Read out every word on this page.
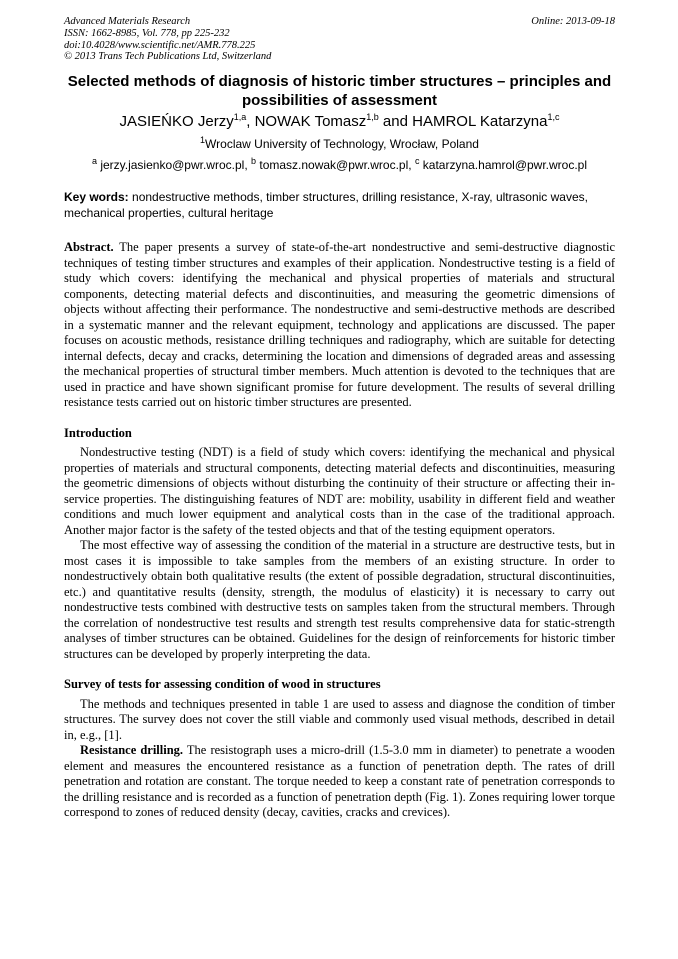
Advanced Materials Research
ISSN: 1662-8985, Vol. 778, pp 225-232
doi:10.4028/www.scientific.net/AMR.778.225
© 2013 Trans Tech Publications Ltd, Switzerland
Online: 2013-09-18
Selected methods of diagnosis of historic timber structures – principles and possibilities of assessment
JASIEŃKO Jerzy$^{1,a}$, NOWAK Tomasz$^{1,b}$ and HAMROL Katarzyna$^{1,c}$
$^1$Wroclaw University of Technology, Wrocław, Poland
$^a$ jerzy.jasienko@pwr.wroc.pl, $^b$ tomasz.nowak@pwr.wroc.pl, $^c$ katarzyna.hamrol@pwr.wroc.pl
Key words: nondestructive methods, timber structures, drilling resistance, X-ray, ultrasonic waves, mechanical properties, cultural heritage
Abstract. The paper presents a survey of state-of-the-art nondestructive and semi-destructive diagnostic techniques of testing timber structures and examples of their application. Nondestructive testing is a field of study which covers: identifying the mechanical and physical properties of materials and structural components, detecting material defects and discontinuities, and measuring the geometric dimensions of objects without affecting their performance. The nondestructive and semi-destructive methods are described in a systematic manner and the relevant equipment, technology and applications are discussed. The paper focuses on acoustic methods, resistance drilling techniques and radiography, which are suitable for detecting internal defects, decay and cracks, determining the location and dimensions of degraded areas and assessing the mechanical properties of structural timber members. Much attention is devoted to the techniques that are used in practice and have shown significant promise for future development. The results of several drilling resistance tests carried out on historic timber structures are presented.
Introduction

Nondestructive testing (NDT) is a field of study which covers: identifying the mechanical and physical properties of materials and structural components, detecting material defects and discontinuities, measuring the geometric dimensions of objects without disturbing the continuity of their structure or affecting their in-service properties. The distinguishing features of NDT are: mobility, usability in different field and weather conditions and much lower equipment and analytical costs than in the case of the traditional approach. Another major factor is the safety of the tested objects and that of the testing equipment operators.

The most effective way of assessing the condition of the material in a structure are destructive tests, but in most cases it is impossible to take samples from the members of an existing structure. In order to nondestructively obtain both qualitative results (the extent of possible degradation, structural discontinuities, etc.) and quantitative results (density, strength, the modulus of elasticity) it is necessary to carry out nondestructive tests combined with destructive tests on samples taken from the structural members. Through the correlation of nondestructive test results and strength test results comprehensive data for static-strength analyses of timber structures can be obtained. Guidelines for the design of reinforcements for historic timber structures can be developed by properly interpreting the data.

Survey of tests for assessing condition of wood in structures

The methods and techniques presented in table 1 are used to assess and diagnose the condition of timber structures. The survey does not cover the still viable and commonly used visual methods, described in detail in, e.g., [1].

Resistance drilling. The resistograph uses a micro-drill (1.5-3.0 mm in diameter) to penetrate a wooden element and measures the encountered resistance as a function of penetration depth. The rates of drill penetration and rotation are constant. The torque needed to keep a constant rate of penetration corresponds to the drilling resistance and is recorded as a function of penetration depth (Fig. 1). Zones requiring lower torque correspond to zones of reduced density (decay, cavities, cracks and crevices).
